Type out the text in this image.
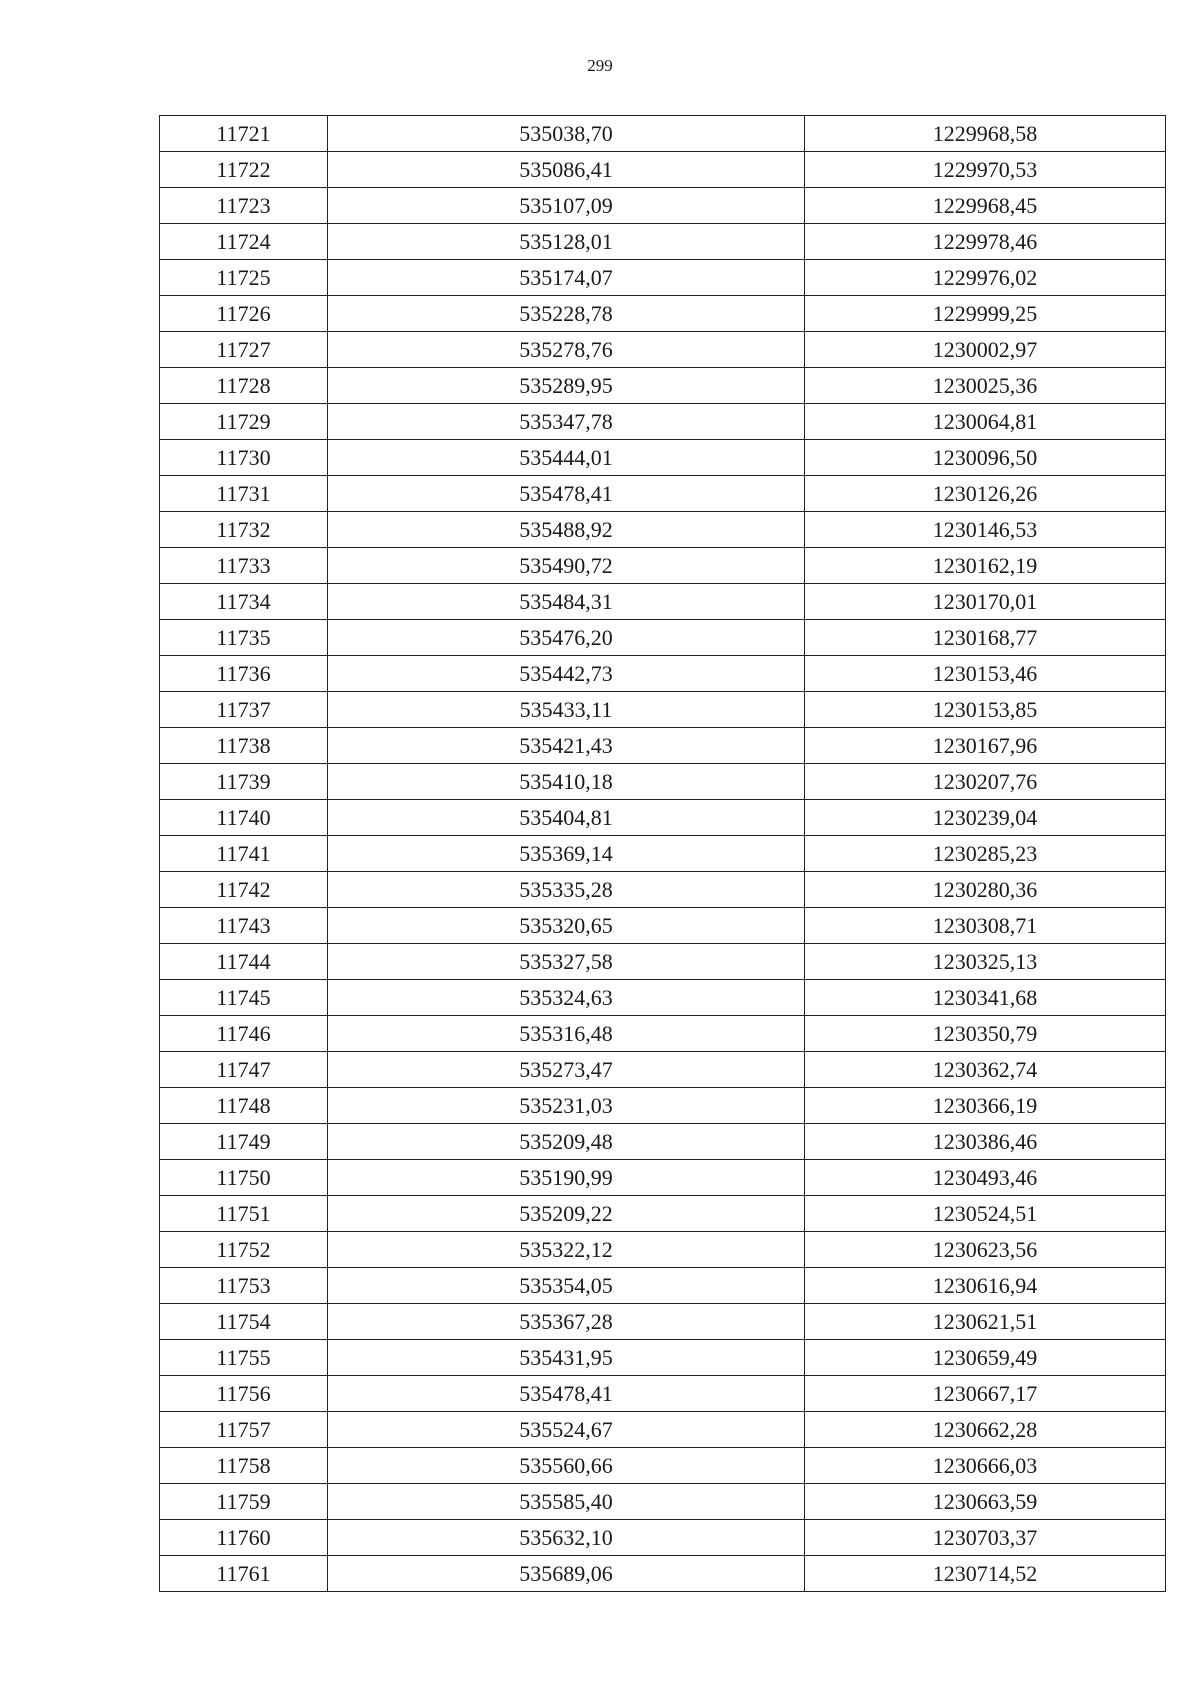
299
11721	535038,70	1229968,58
11722	535086,41	1229970,53
11723	535107,09	1229968,45
11724	535128,01	1229978,46
11725	535174,07	1229976,02
11726	535228,78	1229999,25
11727	535278,76	1230002,97
11728	535289,95	1230025,36
11729	535347,78	1230064,81
11730	535444,01	1230096,50
11731	535478,41	1230126,26
11732	535488,92	1230146,53
11733	535490,72	1230162,19
11734	535484,31	1230170,01
11735	535476,20	1230168,77
11736	535442,73	1230153,46
11737	535433,11	1230153,85
11738	535421,43	1230167,96
11739	535410,18	1230207,76
11740	535404,81	1230239,04
11741	535369,14	1230285,23
11742	535335,28	1230280,36
11743	535320,65	1230308,71
11744	535327,58	1230325,13
11745	535324,63	1230341,68
11746	535316,48	1230350,79
11747	535273,47	1230362,74
11748	535231,03	1230366,19
11749	535209,48	1230386,46
11750	535190,99	1230493,46
11751	535209,22	1230524,51
11752	535322,12	1230623,56
11753	535354,05	1230616,94
11754	535367,28	1230621,51
11755	535431,95	1230659,49
11756	535478,41	1230667,17
11757	535524,67	1230662,28
11758	535560,66	1230666,03
11759	535585,40	1230663,59
11760	535632,10	1230703,37
11761	535689,06	1230714,52
